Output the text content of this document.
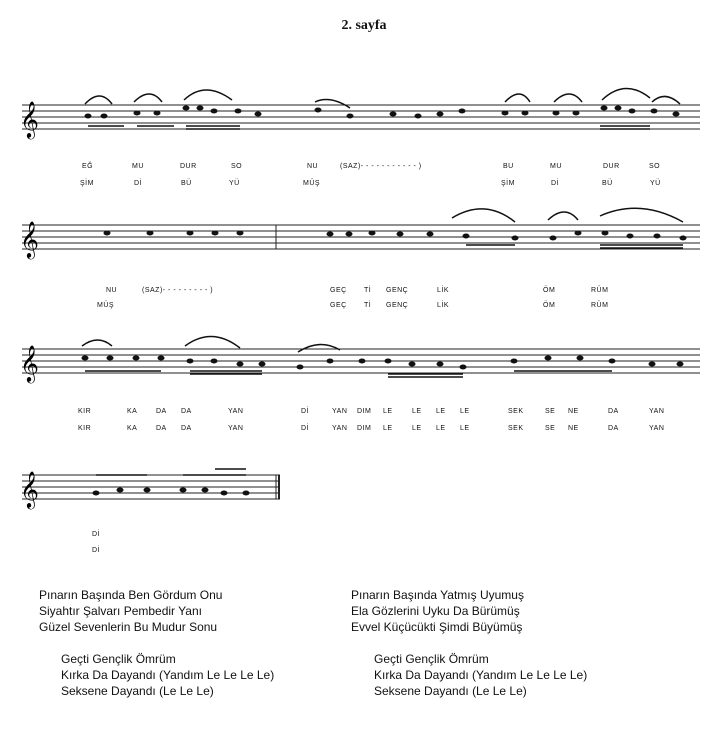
2. sayfa
𝄞
𝄞
𝄞
𝄞
Pınarın Başında Ben Gördum Onu
Siyahtır Şalvarı Pembedir Yanı
Güzel Sevenlerin Bu Mudur Sonu
Geçti Gençlik Ömrüm
Kırka Da Dayandı (Yandım Le Le Le Le)
Seksene Dayandı (Le Le Le)
Pınarın Başında Yatmış Uyumuş
Ela Gözlerini Uyku Da Bürümüş
Evvel Küçücükti Şimdi Büyümüş
Geçti Gençlik Ömrüm
Kırka Da Dayandı (Yandım Le Le Le Le)
Seksene Dayandı (Le Le Le)
EĞ	MU	DUR	SO	NU	(SAZ)- - - - - - - - - - - )	BU	MU	DUR	SO
ŞİM	Dİ	BÜ	YÜ	MÜŞ	ŞİM	Dİ	BÜ	YÜ
NU	(SAZ)- - - - - - - - - )	GEÇ Tİ GENÇ	LİK	ÖM	RÜM
MÜŞ	GEÇ Tİ GENÇ	LİK	ÖM	RÜM
KIR	KA	DA DA	YAN	Dİ	YAN DIM LE	LE LE LE	SEK	SE NE	DA	YAN
KIR	KA	DA DA	YAN	Dİ	YAN DIM LE	LE LE LE	SEK	SE NE	DA	YAN
Dİ
Dİ
